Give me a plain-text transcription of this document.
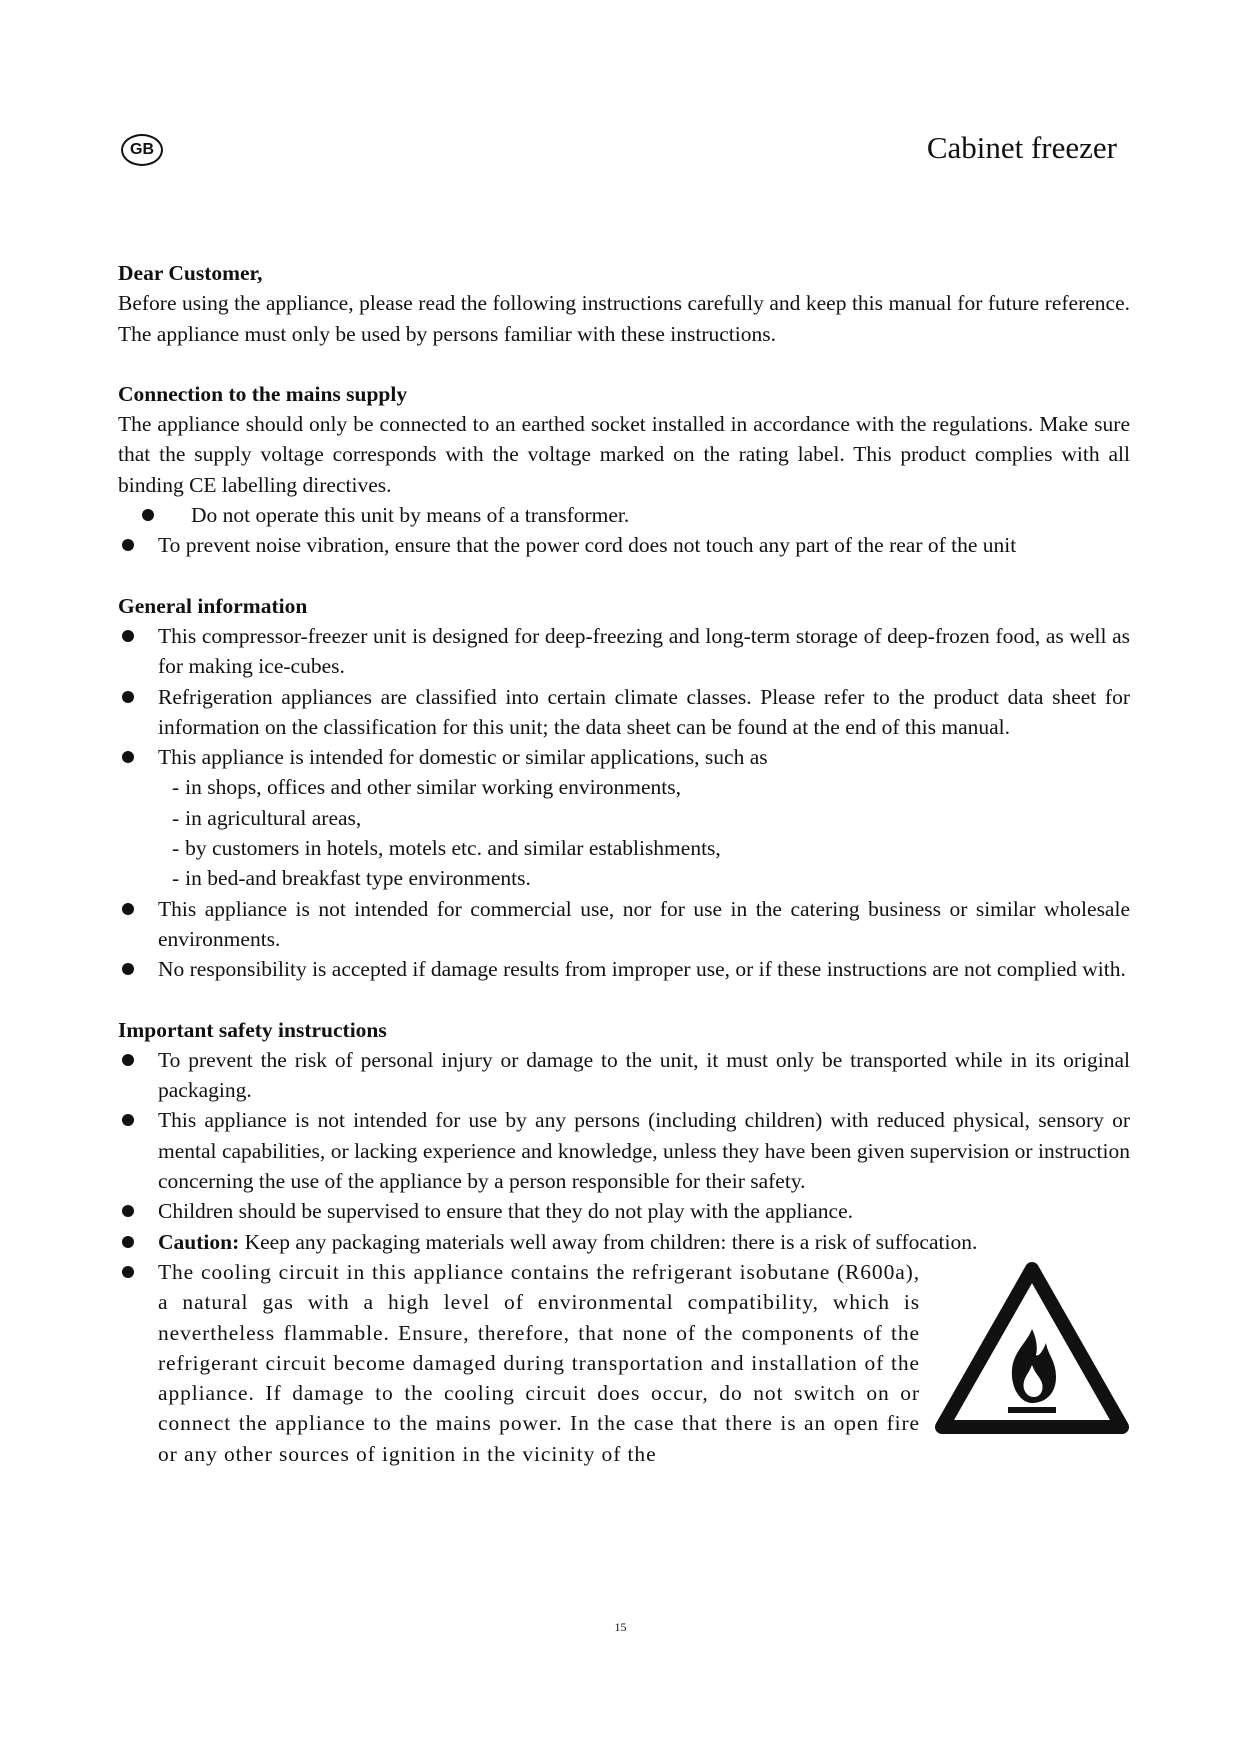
GB	Cabinet freezer

Dear Customer,

Before using the appliance, please read the following instructions carefully and keep this manual for future reference. The appliance must only be used by persons familiar with these instructions.

Connection to the mains supply

The appliance should only be connected to an earthed socket installed in accordance with the regulations. Make sure that the supply voltage corresponds with the voltage marked on the rating label. This product complies with all binding CE labelling directives.

Do not operate this unit by means of a transformer.
To prevent noise vibration, ensure that the power cord does not touch any part of the rear of the unit

General information

This compressor-freezer unit is designed for deep-freezing and long-term storage of deep-frozen food, as well as for making ice-cubes.
Refrigeration appliances are classified into certain climate classes. Please refer to the product data sheet for information on the classification for this unit; the data sheet can be found at the end of this manual.
This appliance is intended for domestic or similar applications, such as
- in shops, offices and other similar working environments,
- in agricultural areas,
- by customers in hotels, motels etc. and similar establishments,
- in bed-and breakfast type environments.
This appliance is not intended for commercial use, nor for use in the catering business or similar wholesale environments.
No responsibility is accepted if damage results from improper use, or if these instructions are not complied with.

Important safety instructions

To prevent the risk of personal injury or damage to the unit, it must only be transported while in its original packaging.
This appliance is not intended for use by any persons (including children) with reduced physical, sensory or mental capabilities, or lacking experience and knowledge, unless they have been given supervision or instruction concerning the use of the appliance by a person responsible for their safety.
Children should be supervised to ensure that they do not play with the appliance.
Caution: Keep any packaging materials well away from children: there is a risk of suffocation.
The cooling circuit in this appliance contains the refrigerant isobutane (R600a), a natural gas with a high level of environmental compatibility, which is nevertheless flammable. Ensure, therefore, that none of the components of the refrigerant circuit become damaged during transportation and installation of the appliance. If damage to the cooling circuit does occur, do not switch on or connect the appliance to the mains power. In the case that there is an open fire or any other sources of ignition in the vicinity of the
15
